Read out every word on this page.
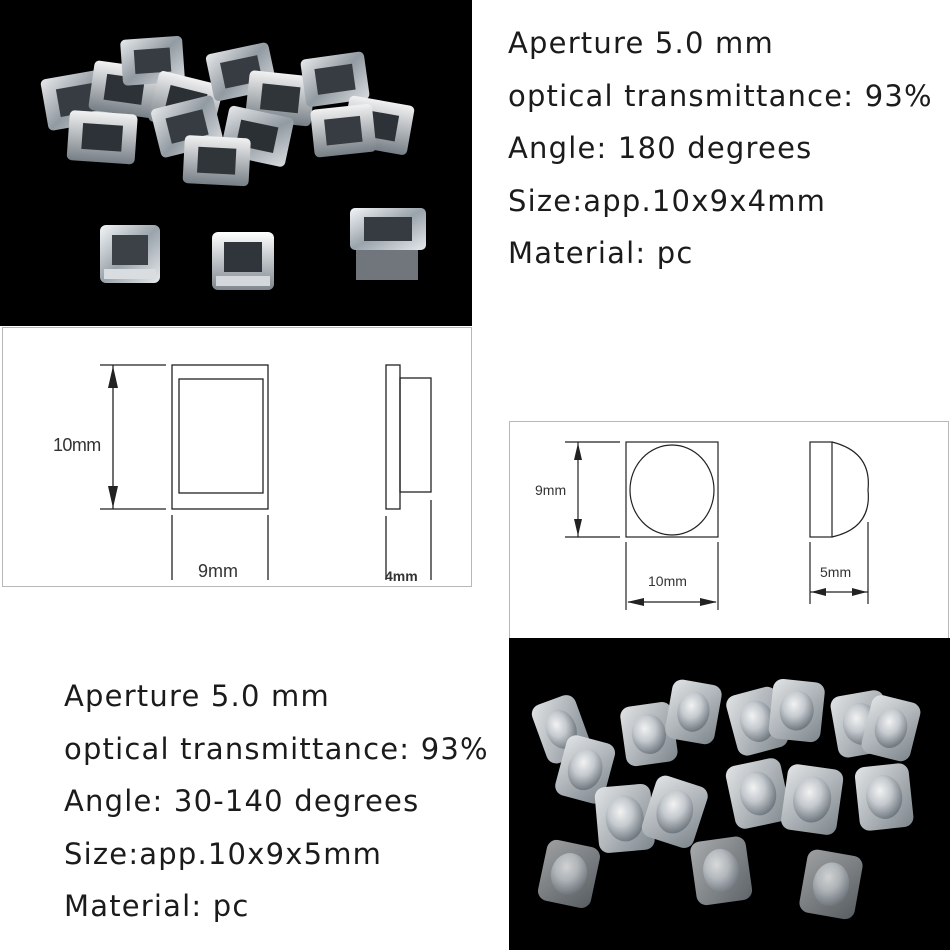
Aperture 5.0 mm
optical transmittance: 93%
Angle: 180 degrees
Size:app.10x9x4mm
Material: pc
10mm
9mm	4mm
9mm
10mm
5mm
Aperture 5.0 mm
optical transmittance: 93%
Angle: 30-140 degrees
Size:app.10x9x5mm
Material: pc
